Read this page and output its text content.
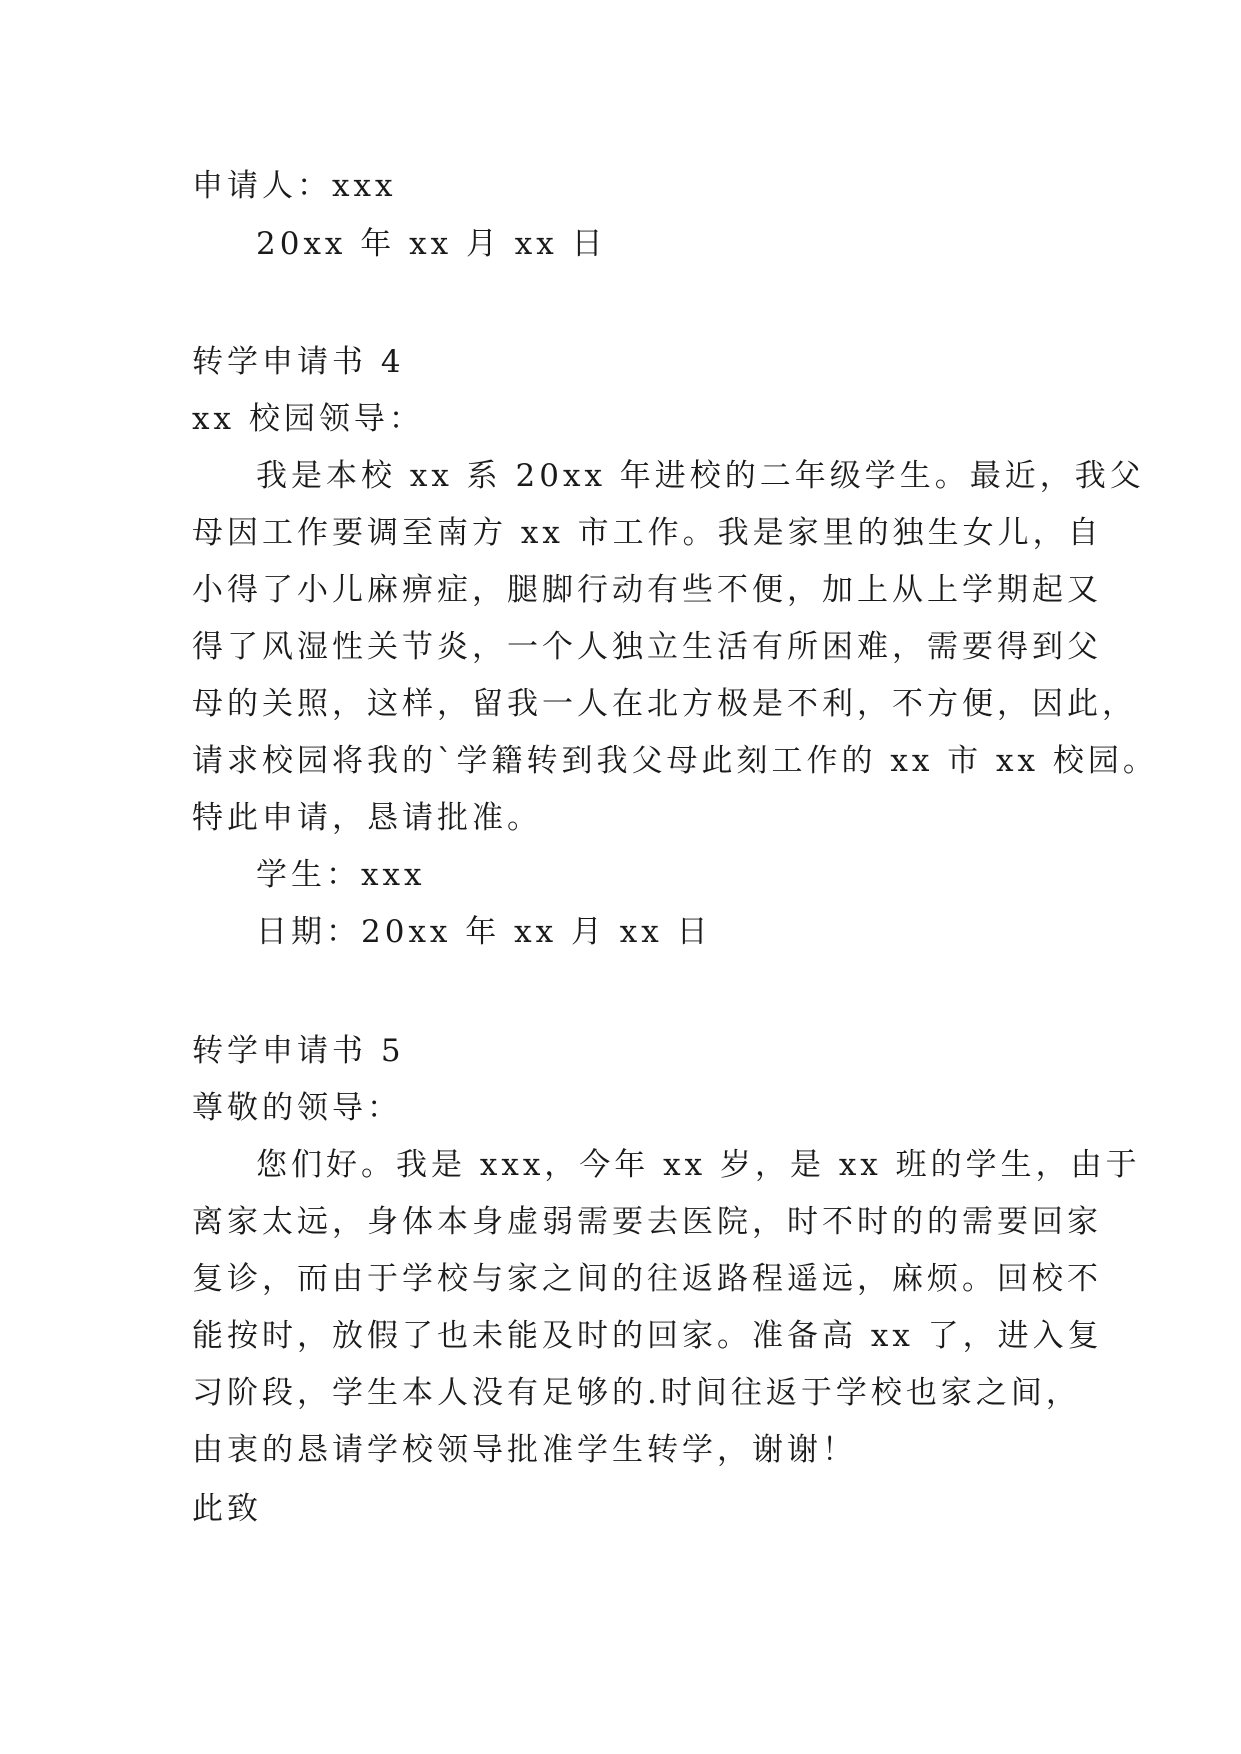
申请人：xxx
20xx 年 xx 月 xx 日
转学申请书 4
xx 校园领导：
我是本校 xx 系 20xx 年进校的二年级学生。最近，我父
母因工作要调至南方 xx 市工作。我是家里的独生女儿，自
小得了小儿麻痹症，腿脚行动有些不便，加上从上学期起又
得了风湿性关节炎，一个人独立生活有所困难，需要得到父
母的关照，这样，留我一人在北方极是不利，不方便，因此，
请求校园将我的`学籍转到我父母此刻工作的 xx 市 xx 校园。
特此申请，恳请批准。
学生：xxx
日期：20xx 年 xx 月 xx 日
转学申请书 5
尊敬的领导：
您们好。我是 xxx，今年 xx 岁，是 xx 班的学生，由于
离家太远，身体本身虚弱需要去医院，时不时的的需要回家
复诊，而由于学校与家之间的往返路程遥远，麻烦。回校不
能按时，放假了也未能及时的回家。准备高 xx 了，进入复
习阶段，学生本人没有足够的.时间往返于学校也家之间，
由衷的恳请学校领导批准学生转学，谢谢！
此致
